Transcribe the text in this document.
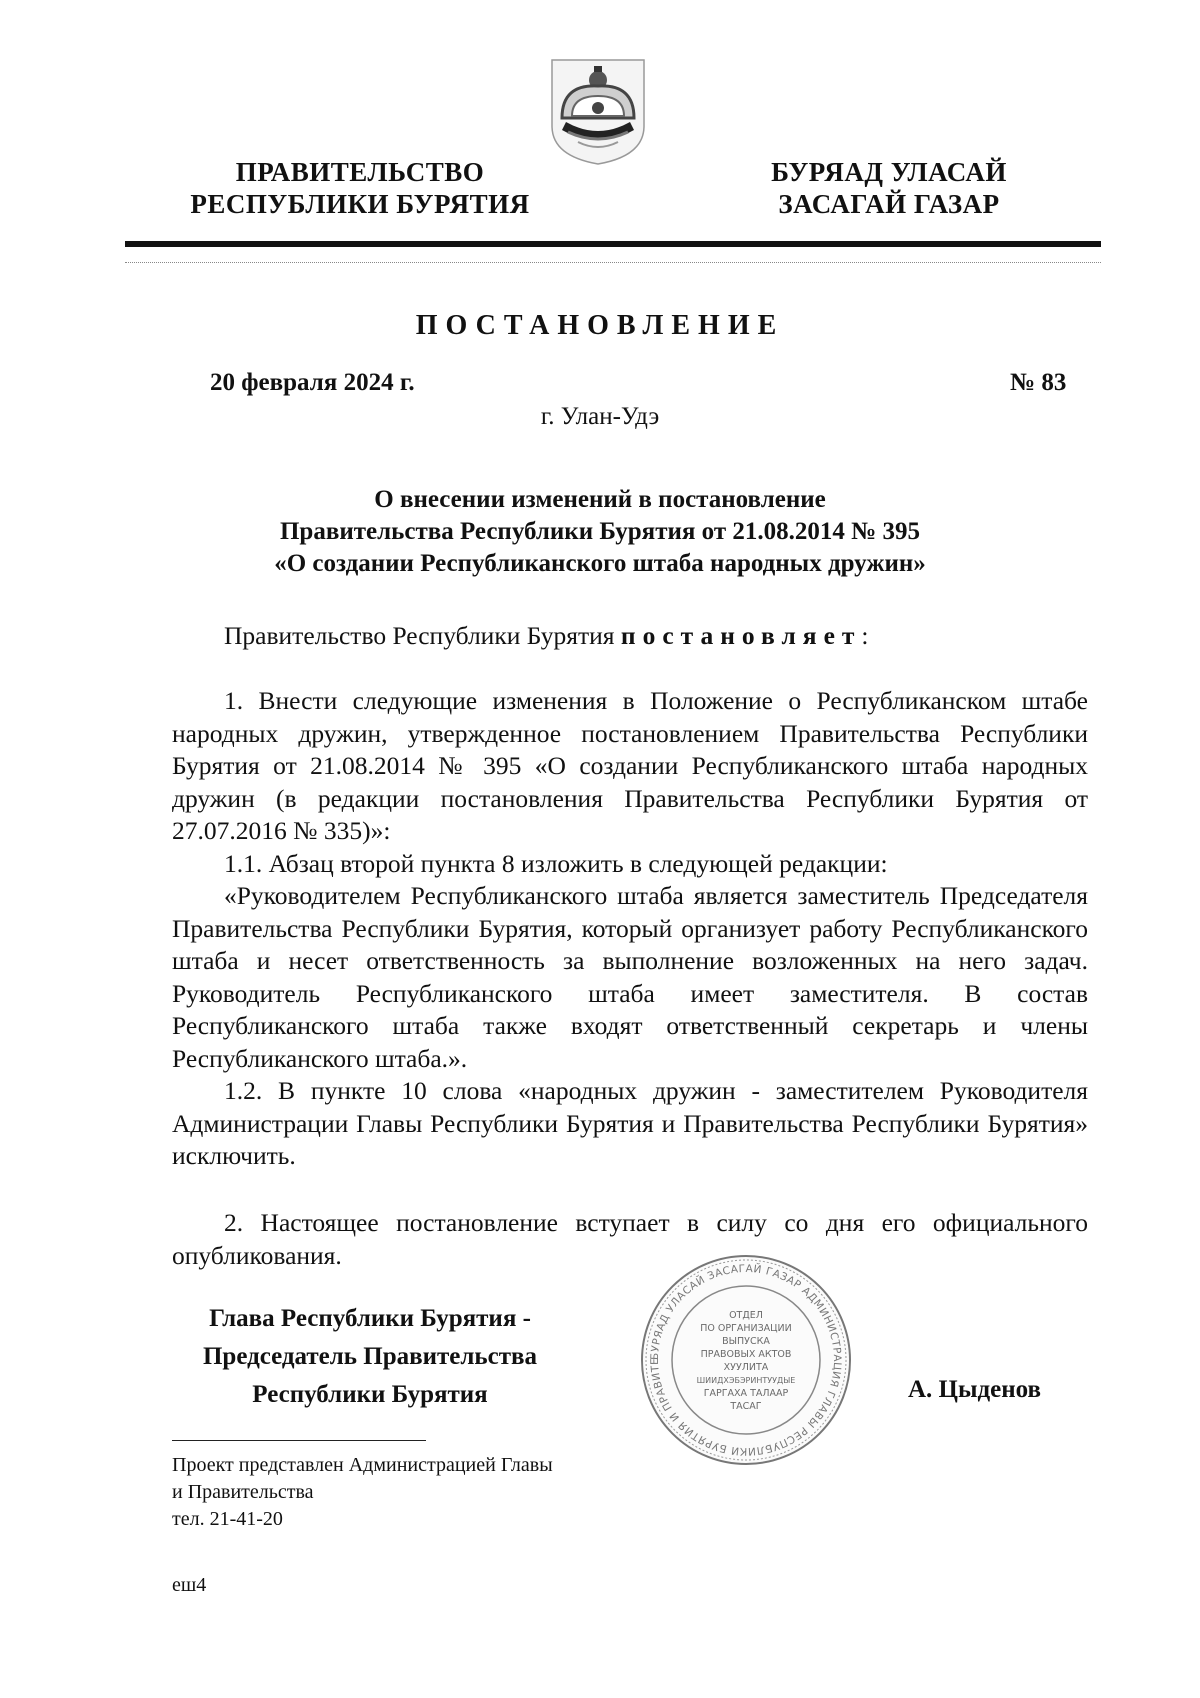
ПРАВИТЕЛЬСТВО
РЕСПУБЛИКИ БУРЯТИЯ
БУРЯАД УЛАСАЙ
ЗАСАГАЙ ГАЗАР
ПОСТАНОВЛЕНИЕ
20 февраля 2024 г.	№ 83
г. Улан-Удэ
О внесении изменений в постановление
Правительства Республики Бурятия от 21.08.2014 № 395
«О создании Республиканского штаба народных дружин»

Правительство Республики Бурятия постановляет:

1. Внести следующие изменения в Положение о Республиканском штабе народных дружин, утвержденное постановлением Правительства Республики Бурятия от 21.08.2014 № 395 «О создании Республиканского штаба народных дружин (в редакции постановления Правительства Республики Бурятия от 27.07.2016 № 335)»:

1.1. Абзац второй пункта 8 изложить в следующей редакции:

«Руководителем Республиканского штаба является заместитель Председателя Правительства Республики Бурятия, который организует работу Республиканского штаба и несет ответственность за выполнение возложенных на него задач. Руководитель Республиканского штаба имеет заместителя. В состав Республиканского штаба также входят ответственный секретарь и члены Республиканского штаба.».

1.2. В пункте 10 слова «народных дружин - заместителем Руководителя Администрации Главы Республики Бурятия и Правительства Республики Бурятия» исключить.

2. Настоящее постановление вступает в силу со дня его официального опубликования.

Глава Республики Бурятия -
Председатель Правительства
Республики Бурятия	А. Цыденов
БУРЯАД УЛАСАЙ ЗАСАГАЙ ГАЗАР АДМИНИСТРАЦИЯ ГЛАВЫ РЕСПУБЛИКИ БУРЯТИЯ И ПРАВИТЕ
ОТДЕЛ
ПО ОРГАНИЗАЦИИ
ВЫПУСКА
ПРАВОВЫХ АКТОВ
ХУУЛИТА
ШИИДХЭБЭРИНТУУДЫЕ
ГАРГАХА ТАЛААР
ТАСАГ
Проект представлен Администрацией Главы
и Правительства
тел. 21-41-20
еш4
